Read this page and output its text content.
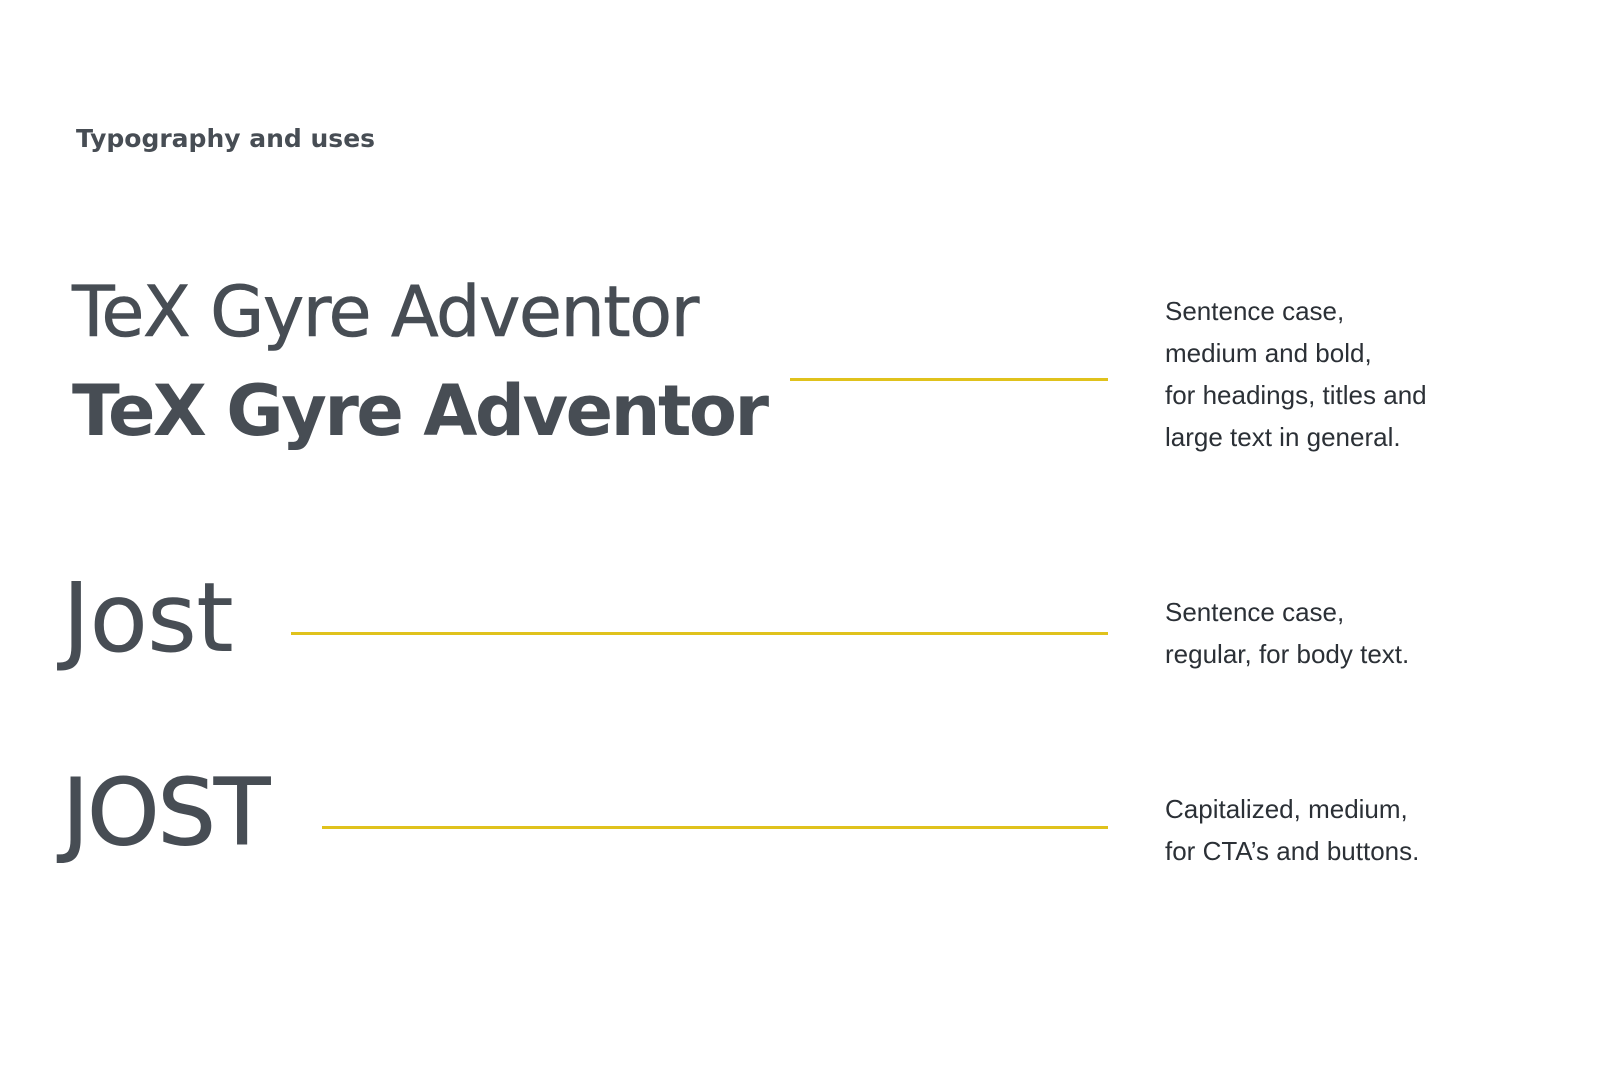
Typography and uses
TeX Gyre Adventor
TeX Gyre Adventor
Sentence case,
medium and bold,
for headings, titles and
large text in general.
Jost	Sentence case,
regular, for body text.
JOST	Capitalized, medium,
for CTA’s and buttons.
